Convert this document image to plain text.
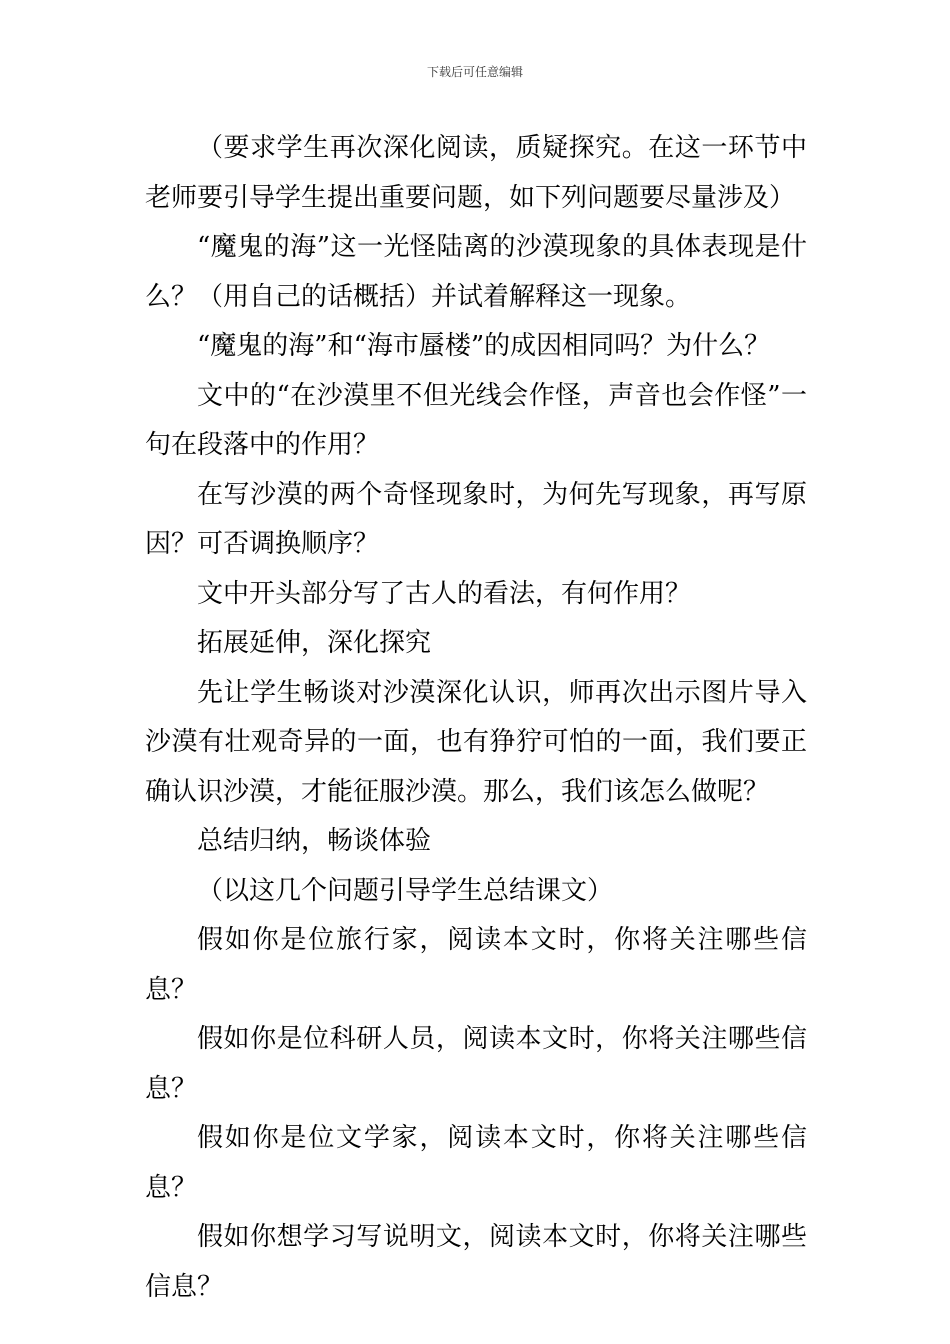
下载后可任意编辑

（要求学生再次深化阅读，质疑探究。在这一环节中老师要引导学生提出重要问题，如下列问题要尽量涉及）

“魔鬼的海”这一光怪陆离的沙漠现象的具体表现是什么？（用自己的话概括）并试着解释这一现象。

“魔鬼的海”和“海市蜃楼”的成因相同吗？为什么？

文中的“在沙漠里不但光线会作怪，声音也会作怪”一句在段落中的作用？

在写沙漠的两个奇怪现象时，为何先写现象，再写原因？可否调换顺序？

文中开头部分写了古人的看法，有何作用？

拓展延伸，深化探究

先让学生畅谈对沙漠深化认识，师再次出示图片导入沙漠有壮观奇异的一面，也有狰狞可怕的一面，我们要正确认识沙漠，才能征服沙漠。那么，我们该怎么做呢？

总结归纳，畅谈体验

（以这几个问题引导学生总结课文）

假如你是位旅行家，阅读本文时，你将关注哪些信息？

假如你是位科研人员，阅读本文时，你将关注哪些信息？

假如你是位文学家，阅读本文时，你将关注哪些信息？

假如你想学习写说明文，阅读本文时，你将关注哪些信息？
